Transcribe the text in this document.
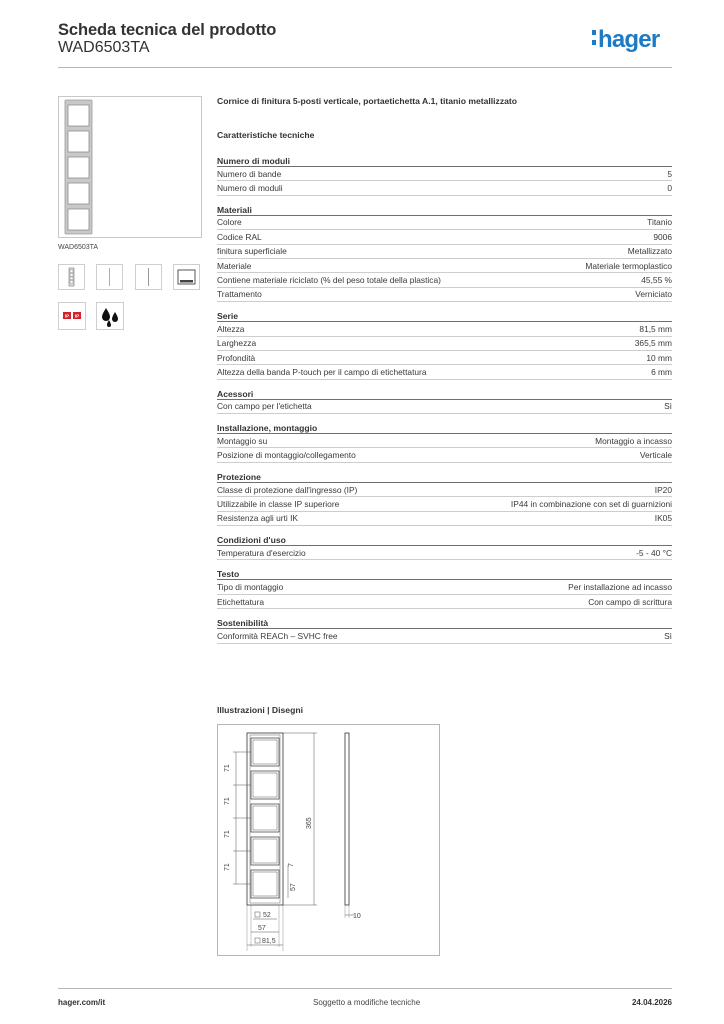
Scheda tecnica del prodotto
WAD6503TA	hager
WAD6503TA
IP IP
Cornice di finitura 5-posti verticale, portaetichetta A.1, titanio metallizzato
Caratteristiche tecniche
Numero di moduli
Numero di bande	5
Numero di moduli	0
Materiali
Colore	Titanio
Codice RAL	9006
finitura superficiale	Metallizzato
Materiale	Materiale termoplastico
Contiene materiale riciclato (% del peso totale della plastica)	45,55 %
Trattamento	Verniciato
Serie
Altezza	81,5 mm
Larghezza	365,5 mm
Profondità	10 mm
Altezza della banda P-touch per il campo di etichettatura	6 mm
Acessori
Con campo per l'etichetta	Sì
Installazione, montaggio
Montaggio su	Montaggio a incasso
Posizione di montaggio/collegamento	Verticale
Protezione
Classe di protezione dall'ingresso (IP)	IP20
Utilizzabile in classe IP superiore	IP44 in combinazione con set di guarnizioni
Resistenza agli urti IK	IK05
Condizioni d'uso
Temperatura d'esercizio	-5 - 40 °C
Testo
Tipo di montaggio	Per installazione ad incasso
Etichettatura	Con campo di scrittura
Sostenibilità
Conformità REACh – SVHC free	Sì
Illustrazioni | Disegni
71
71
71
71
365
7
57
52
57
81,5
10
hager.com/it	Soggetto a modifiche tecniche	24.04.2026
